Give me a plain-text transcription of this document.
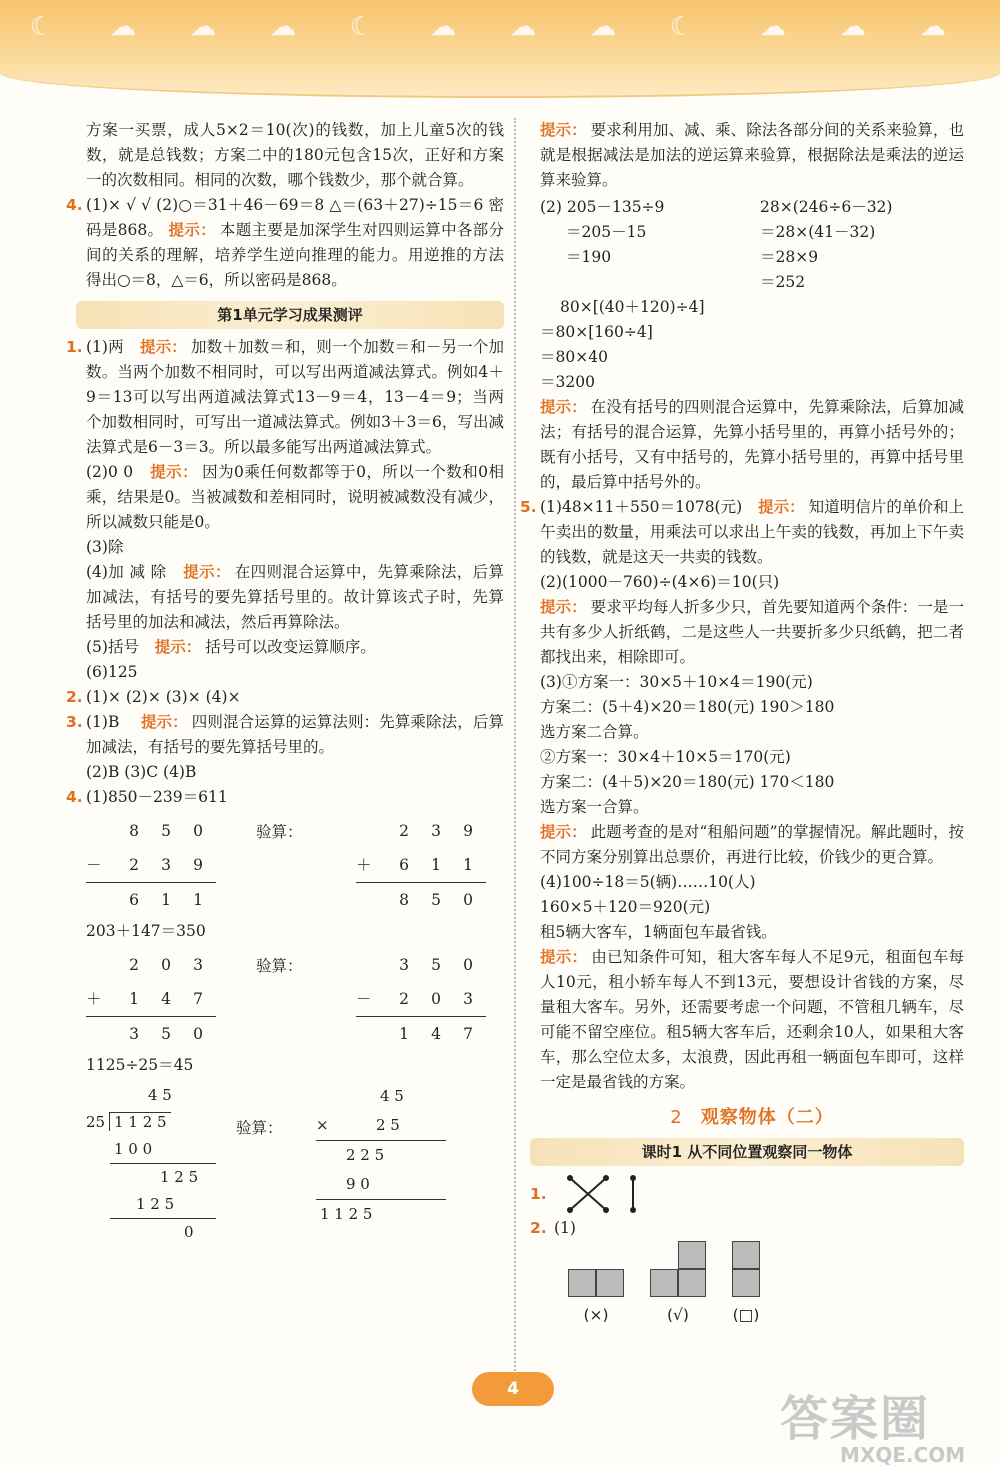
☾ ☁ ☁ ☁ ☾ ☁ ☁ ☁ ☾	☁ ☁ ☁

方案一买票，成人5×2＝10(次)的钱数，加上儿童5次的钱数，就是总钱数；方案二中的180元包含15次，正好和方案一的次数相同。相同的次数，哪个钱数少，那个就合算。

4. (1)× √ √ (2)○＝31＋46－69＝8 △＝(63＋27)÷15＝6 密码是868。 提示： 本题主要是加深学生对四则运算中各部分间的关系的理解，培养学生逆向推理的能力。用逆推的方法得出○＝8，△＝6，所以密码是868。

第1单元学习成果测评

1. (1)两   提示： 加数＋加数＝和，则一个加数＝和－另一个加数。当两个加数不相同时，可以写出两道减法算式。例如4＋9＝13可以写出两道减法算式13－9＝4，13－4＝9；当两个加数相同时，可写出一道减法算式。例如3＋3＝6，写出减法算式是6－3＝3。所以最多能写出两道减法算式。

(2)0 0   提示： 因为0乘任何数都等于0，所以一个数和0相乘，结果是0。当被减数和差相同时，说明被减数没有减少，所以减数只能是0。

(3)除

(4)加 减 除   提示： 在四则混合运算中，先算乘除法，后算加减法，有括号的要先算括号里的。故计算该式子时，先算括号里的加法和减法，然后再算除法。

(5)括号   提示： 括号可以改变运算顺序。

(6)125

2. (1)× (2)× (3)× (4)×

3. (1)B    提示： 四则混合运算的运算法则：先算乘除法，后算加减法，有括号的要先算括号里的。

(2)B (3)C (4)B

4. (1)850－239＝611

8	5	0
－	2	3	9
6	1	1
验算：	2	3	9
＋	6	1	1
8	5	0

203＋147＝350

2	0	3
＋	1	4	7
3	5	0
验算：	3	5	0
－	2	0	3
1	4	7

1125÷25＝45

4 5
25 1 1 2 5
1 0 0
1 2 5
1 2 5
0
验算：
4 5
×	2 5
2 2 5
9 0
1 1 2 5

提示： 要求利用加、减、乘、除法各部分间的关系来验算，也就是根据减法是加法的逆运算来验算，根据除法是乘法的逆运算来验算。

(2) 205－135÷9
＝205－15
＝190
28×(246÷6－32)
＝28×(41－32)
＝28×9
＝252
80×[(40＋120)÷4]
＝80×[160÷4]
＝80×40
＝3200

提示： 在没有括号的四则混合运算中，先算乘除法，后算加减法；有括号的混合运算，先算小括号里的，再算小括号外的；既有小括号，又有中括号的，先算小括号里的，再算中括号里的，最后算中括号外的。

5. (1)48×11＋550＝1078(元)   提示： 知道明信片的单价和上午卖出的数量，用乘法可以求出上午卖的钱数，再加上下午卖的钱数，就是这天一共卖的钱数。

(2)(1000－760)÷(4×6)＝10(只)

提示： 要求平均每人折多少只，首先要知道两个条件：一是一共有多少人折纸鹤，二是这些人一共要折多少只纸鹤，把二者都找出来，相除即可。

(3)①方案一：30×5＋10×4＝190(元)
方案二：(5＋4)×20＝180(元) 190＞180
选方案二合算。
②方案一：30×4＋10×5＝170(元)
方案二：(4＋5)×20＝180(元) 170＜180
选方案一合算。

提示： 此题考查的是对“租船问题”的掌握情况。解此题时，按不同方案分别算出总票价，再进行比较，价钱少的更合算。

(4)100÷18＝5(辆)……10(人)
160×5＋120＝920(元)
租5辆大客车，1辆面包车最省钱。

提示： 由已知条件可知，租大客车每人不足9元，租面包车每人10元，租小轿车每人不到13元，要想设计省钱的方案，尽量租大客车。另外，还需要考虑一个问题，不管租几辆车，尽可能不留空座位。租5辆大客车后，还剩余10人，如果租大客车，那么空位太多，太浪费，因此再租一辆面包车即可，这样一定是最省钱的方案。

2 观察物体（二）
课时1 从不同位置观察同一物体
1.
2. (1)
(×)	(√)	(□)
4
答案圈
MXQE.COM
